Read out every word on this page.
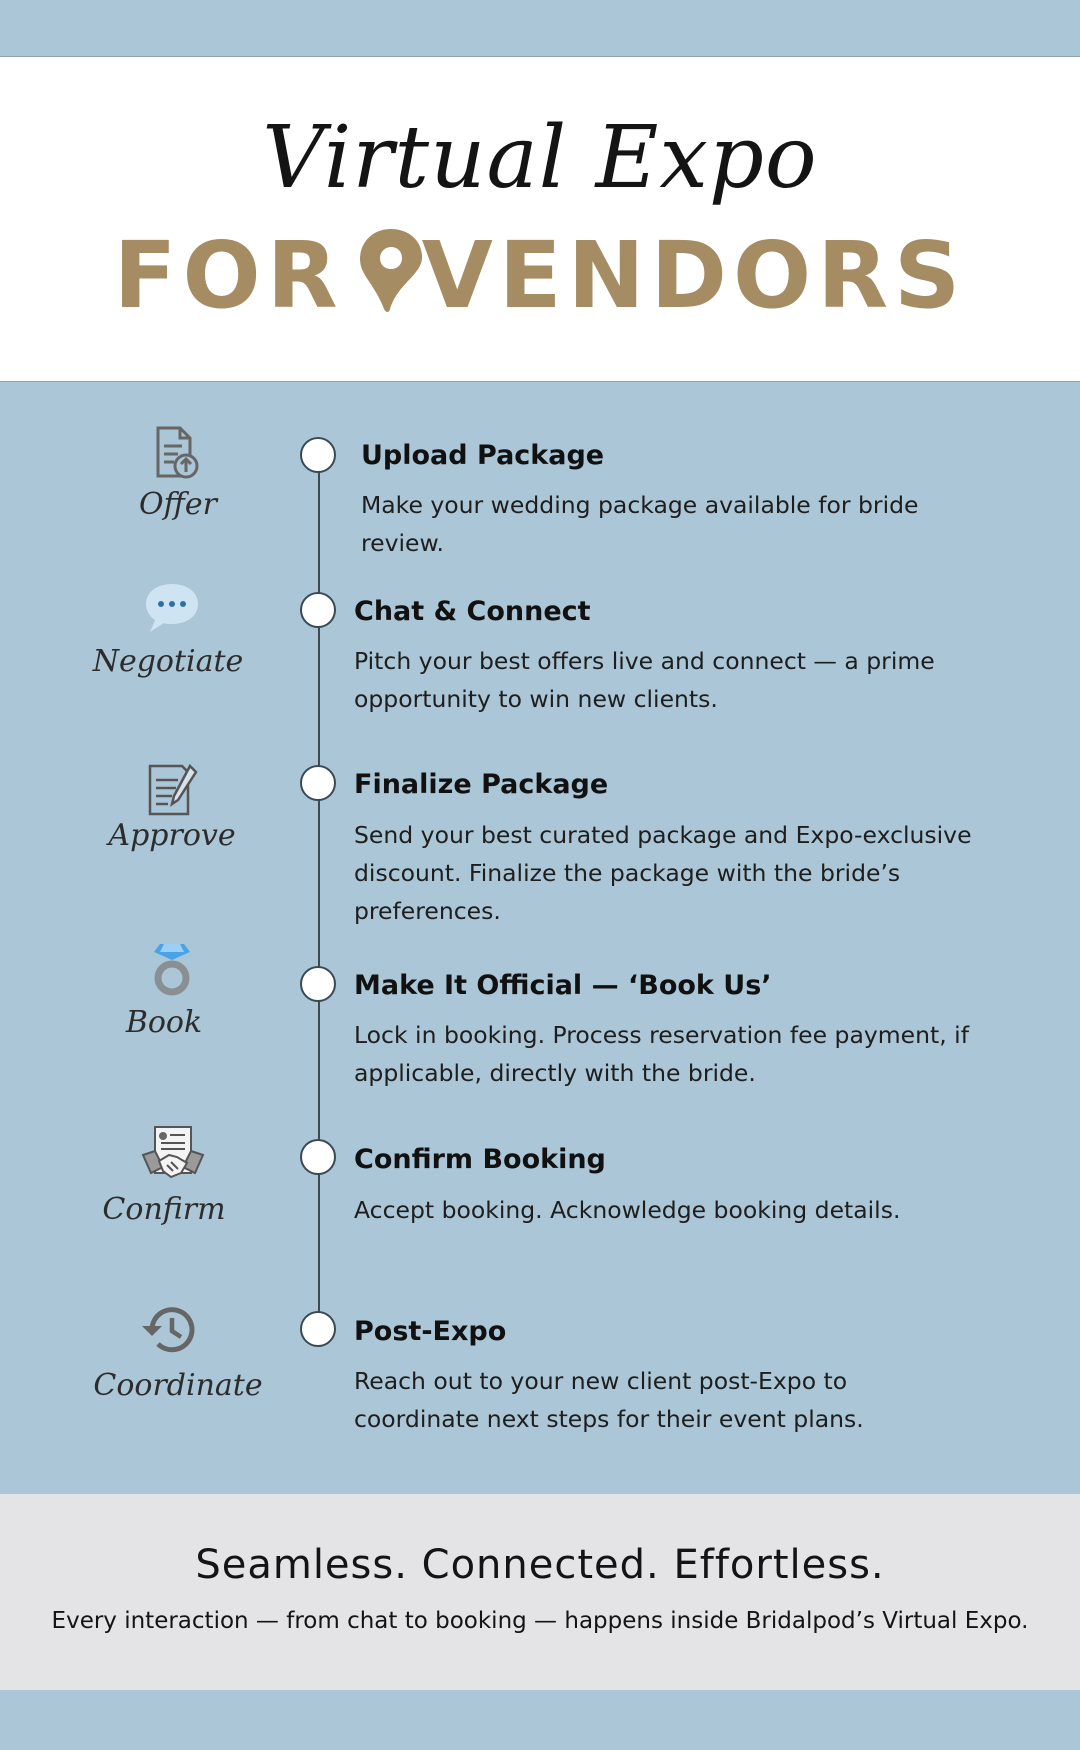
Virtual Expo
FOR VENDORS
Offer
Upload Package
Make your wedding package available for bride review.
Negotiate
Chat & Connect
Pitch your best offers live and connect — a prime opportunity to win new clients.
Approve
Finalize Package
Send your best curated package and Expo-exclusive discount. Finalize the package with the bride’s preferences.
Book
Make It Official — ‘Book Us’
Lock in booking. Process reservation fee payment, if applicable, directly with the bride.
Confirm
Confirm Booking
Accept booking. Acknowledge booking details.
Coordinate
Post-Expo
Reach out to your new client post-Expo to coordinate next steps for their event plans.
Seamless. Connected. Effortless.
Every interaction — from chat to booking — happens inside Bridalpod’s Virtual Expo.
